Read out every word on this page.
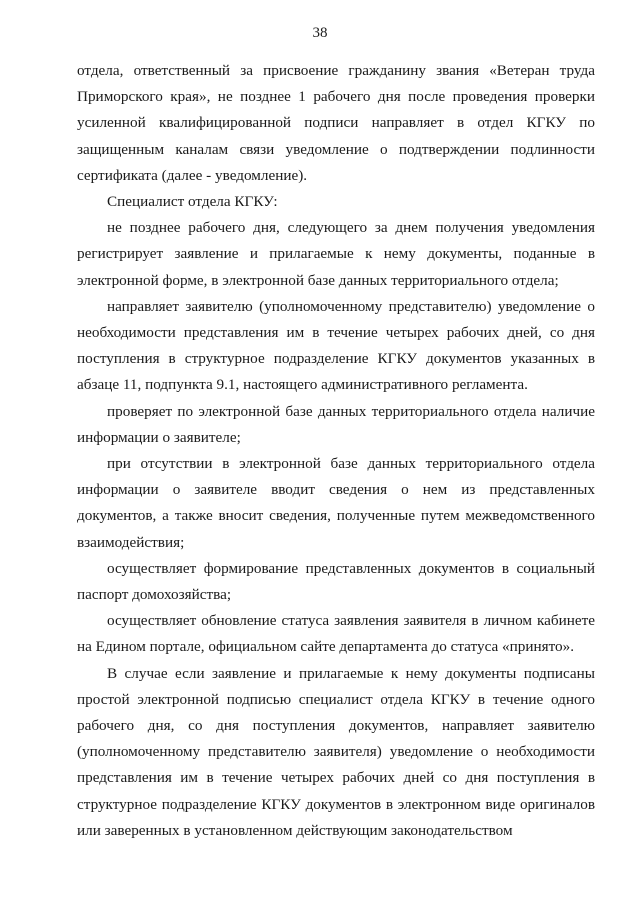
38

отдела, ответственный за присвоение гражданину звания «Ветеран труда Приморского края», не позднее 1 рабочего дня после проведения проверки усиленной квалифицированной подписи направляет в отдел КГКУ по защищенным каналам связи уведомление о подтверждении подлинности сертификата (далее - уведомление).

Специалист отдела КГКУ:

не позднее рабочего дня, следующего за днем получения уведомления регистрирует заявление и прилагаемые к нему документы, поданные в электронной форме, в электронной базе данных территориального отдела;

направляет заявителю (уполномоченному представителю) уведомление о необходимости представления им в течение четырех рабочих дней, со дня поступления в структурное подразделение КГКУ документов указанных в абзаце 11, подпункта 9.1, настоящего административного регламента.

проверяет по электронной базе данных территориального отдела наличие информации о заявителе;

при отсутствии в электронной базе данных территориального отдела информации о заявителе вводит сведения о нем из представленных документов, а также вносит сведения, полученные путем межведомственного взаимодействия;

осуществляет формирование представленных документов в социальный паспорт домохозяйства;

осуществляет обновление статуса заявления заявителя в личном кабинете на Едином портале, официальном сайте департамента до статуса «принято».

В случае если заявление и прилагаемые к нему документы подписаны простой электронной подписью специалист отдела КГКУ в течение одного рабочего дня, со дня поступления документов, направляет заявителю (уполномоченному представителю заявителя) уведомление о необходимости представления им в течение четырех рабочих дней со дня поступления в структурное подразделение КГКУ документов в электронном виде оригиналов или заверенных в установленном действующим законодательством
